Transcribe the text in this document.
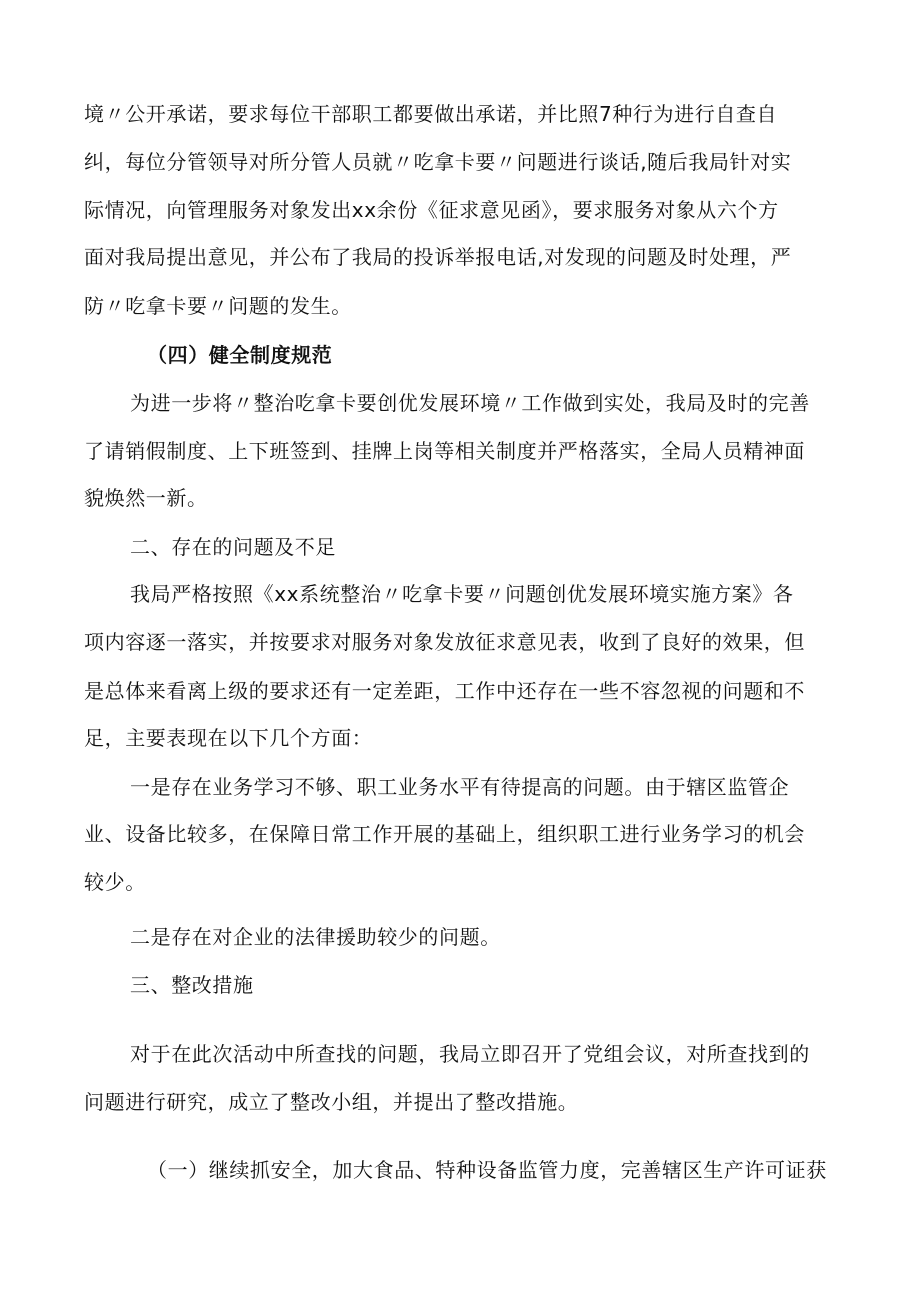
境〃公开承诺，要求每位干部职工都要做出承诺，并比照7种行为进行自查自
纠，每位分管领导对所分管人员就〃吃拿卡要〃问题进行谈话,随后我局针对实
际情况，向管理服务对象发出xx余份《征求意见函》，要求服务对象从六个方
面对我局提出意见，并公布了我局的投诉举报电话,对发现的问题及时处理，严
防〃吃拿卡要〃问题的发生。
（四）健全制度规范
为进一步将〃整治吃拿卡要创优发展环境〃工作做到实处，我局及时的完善
了请销假制度、上下班签到、挂牌上岗等相关制度并严格落实，全局人员精神面
貌焕然一新。
二、存在的问题及不足
我局严格按照《xx系统整治〃吃拿卡要〃问题创优发展环境实施方案》各
项内容逐一落实，并按要求对服务对象发放征求意见表，收到了良好的效果，但
是总体来看离上级的要求还有一定差距，工作中还存在一些不容忽视的问题和不
足，主要表现在以下几个方面：
一是存在业务学习不够、职工业务水平有待提高的问题。由于辖区监管企
业、设备比较多，在保障日常工作开展的基础上，组织职工进行业务学习的机会
较少。
二是存在对企业的法律援助较少的问题。
三、整改措施
对于在此次活动中所查找的问题，我局立即召开了党组会议，对所查找到的
问题进行研究，成立了整改小组，并提出了整改措施。
（一）继续抓安全，加大食品、特种设备监管力度，完善辖区生产许可证获
